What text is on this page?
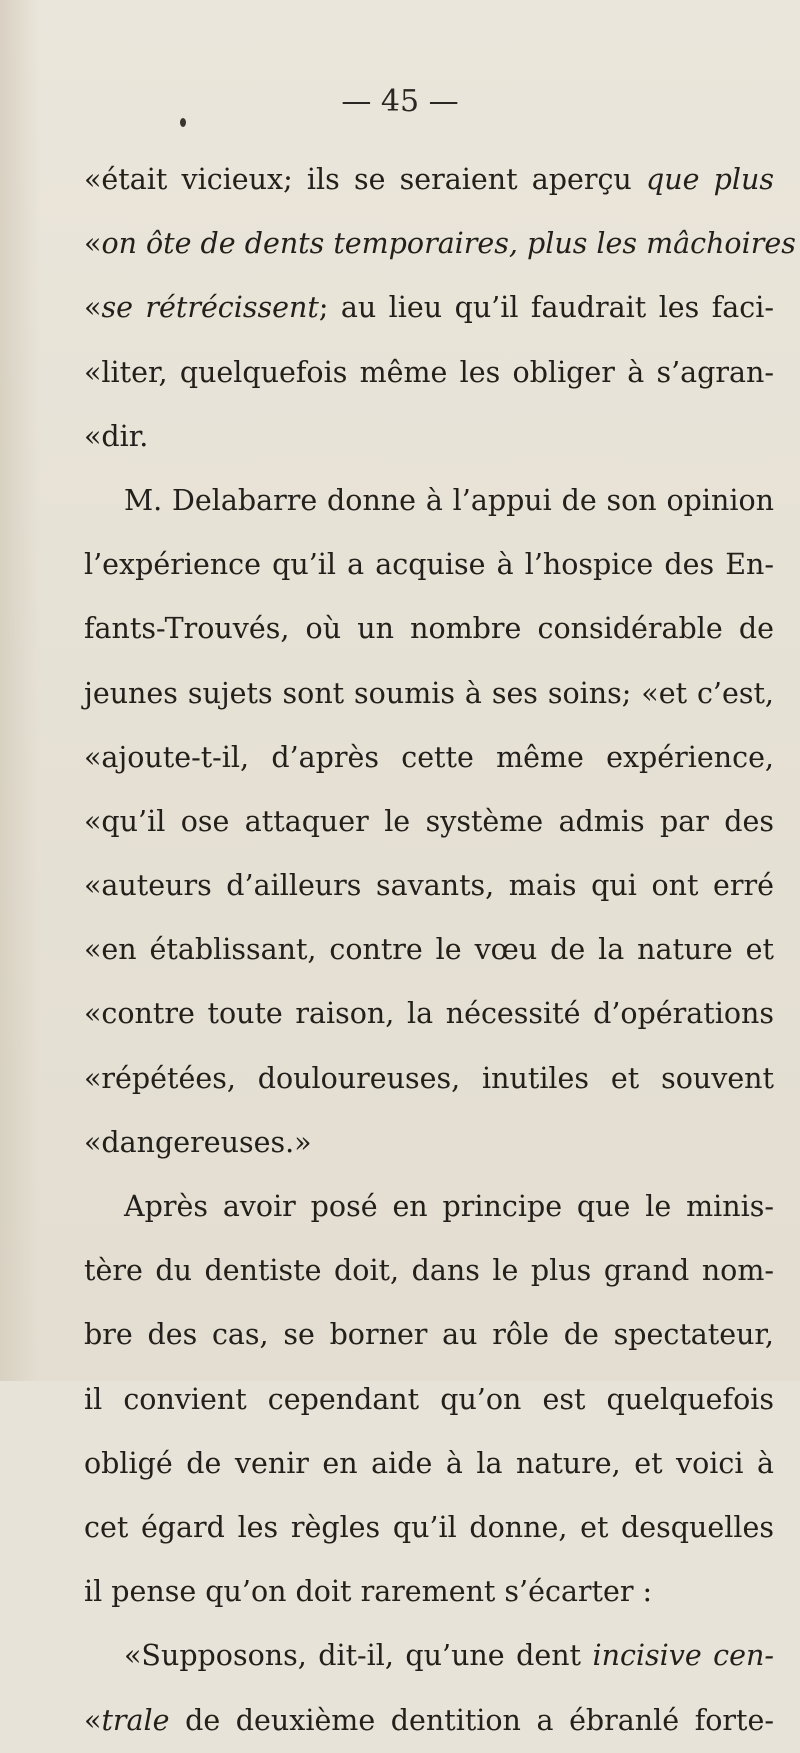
— 45 —
«était vicieux; ils se seraient aperçu que plus
«on ôte de dents temporaires, plus les mâchoires
«se rétrécissent; au lieu qu’il faudrait les faci-
«liter, quelquefois même les obliger à s’agran-
«dir.
M. Delabarre donne à l’appui de son opinion
l’expérience qu’il a acquise à l’hospice des En-
fants-Trouvés, où un nombre considérable de
jeunes sujets sont soumis à ses soins; «et c’est,
«ajoute-t-il, d’après cette même expérience,
«qu’il ose attaquer le système admis par des
«auteurs d’ailleurs savants, mais qui ont erré
«en établissant, contre le vœu de la nature et
«contre toute raison, la nécessité d’opérations
«répétées, douloureuses, inutiles et souvent
«dangereuses.»
Après avoir posé en principe que le minis-
tère du dentiste doit, dans le plus grand nom-
bre des cas, se borner au rôle de spectateur,
il convient cependant qu’on est quelquefois
obligé de venir en aide à la nature, et voici à
cet égard les règles qu’il donne, et desquelles
il pense qu’on doit rarement s’écarter :
«Supposons, dit-il, qu’une dent incisive cen-
«trale de deuxième dentition a ébranlé forte-
